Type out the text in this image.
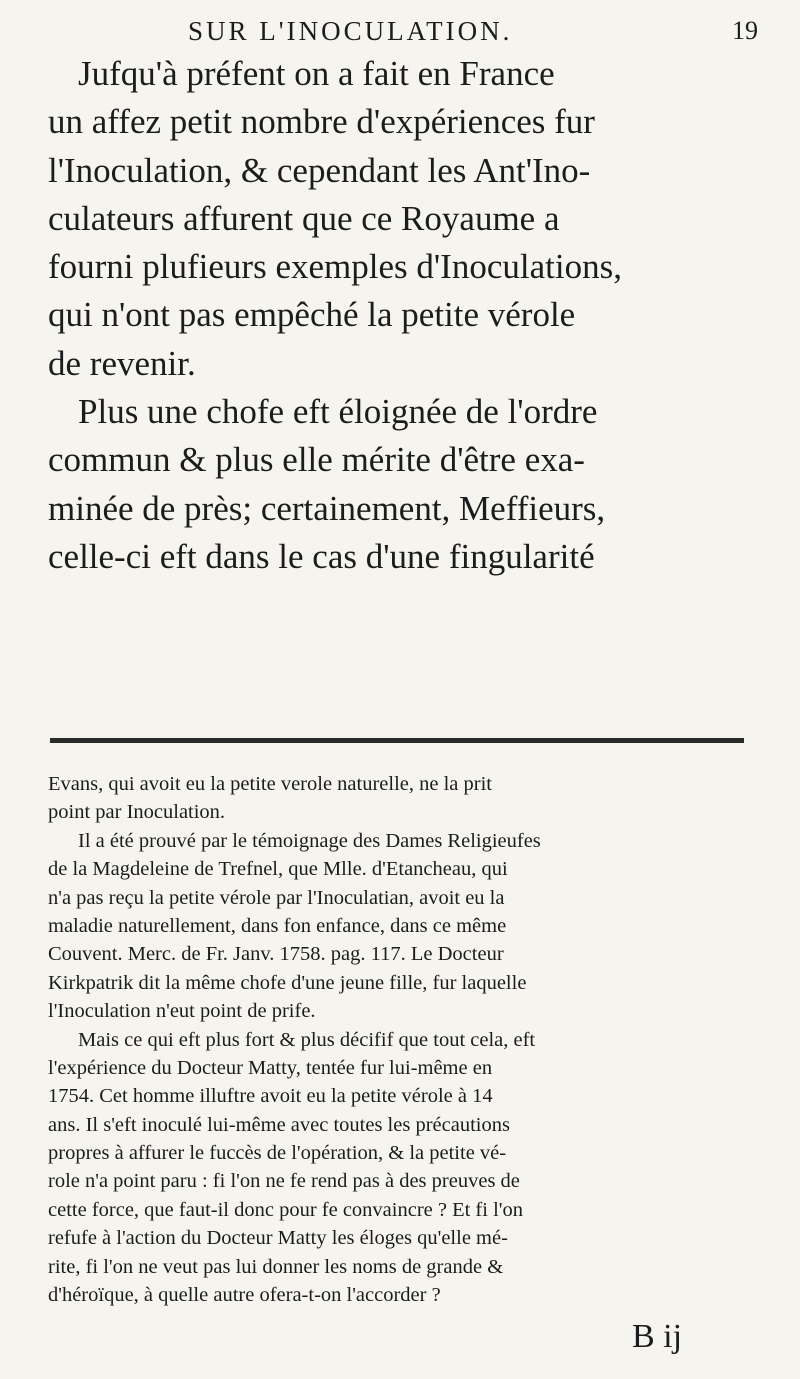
SUR L'INOCULATION.	19
Jufqu'à préfent on a fait en France
un affez petit nombre d'expériences fur
l'Inoculation, & cependant les Ant'Ino-
culateurs affurent que ce Royaume a
fourni plufieurs exemples d'Inoculations,
qui n'ont pas empêché la petite vérole
de revenir.
Plus une chofe eft éloignée de l'ordre
commun & plus elle mérite d'être exa-
minée de près; certainement, Meffieurs,
celle-ci eft dans le cas d'une fingularité
Evans, qui avoit eu la petite verole naturelle, ne la prit
point par Inoculation.
Il a été prouvé par le témoignage des Dames Religieufes
de la Magdeleine de Trefnel, que Mlle. d'Etancheau, qui
n'a pas reçu la petite vérole par l'Inoculatian, avoit eu la
maladie naturellement, dans fon enfance, dans ce même
Couvent. Merc. de Fr. Janv. 1758. pag. 117. Le Docteur
Kirkpatrik dit la même chofe d'une jeune fille, fur laquelle
l'Inoculation n'eut point de prife.
Mais ce qui eft plus fort & plus décifif que tout cela, eft
l'expérience du Docteur Matty, tentée fur lui-même en
1754. Cet homme illuftre avoit eu la petite vérole à 14
ans. Il s'eft inoculé lui-même avec toutes les précautions
propres à affurer le fuccès de l'opération, & la petite vé-
role n'a point paru : fi l'on ne fe rend pas à des preuves de
cette force, que faut-il donc pour fe convaincre ? Et fi l'on
refufe à l'action du Docteur Matty les éloges qu'elle mé-
rite, fi l'on ne veut pas lui donner les noms de grande &
d'héroïque, à quelle autre ofera-t-on l'accorder ?
B ij
